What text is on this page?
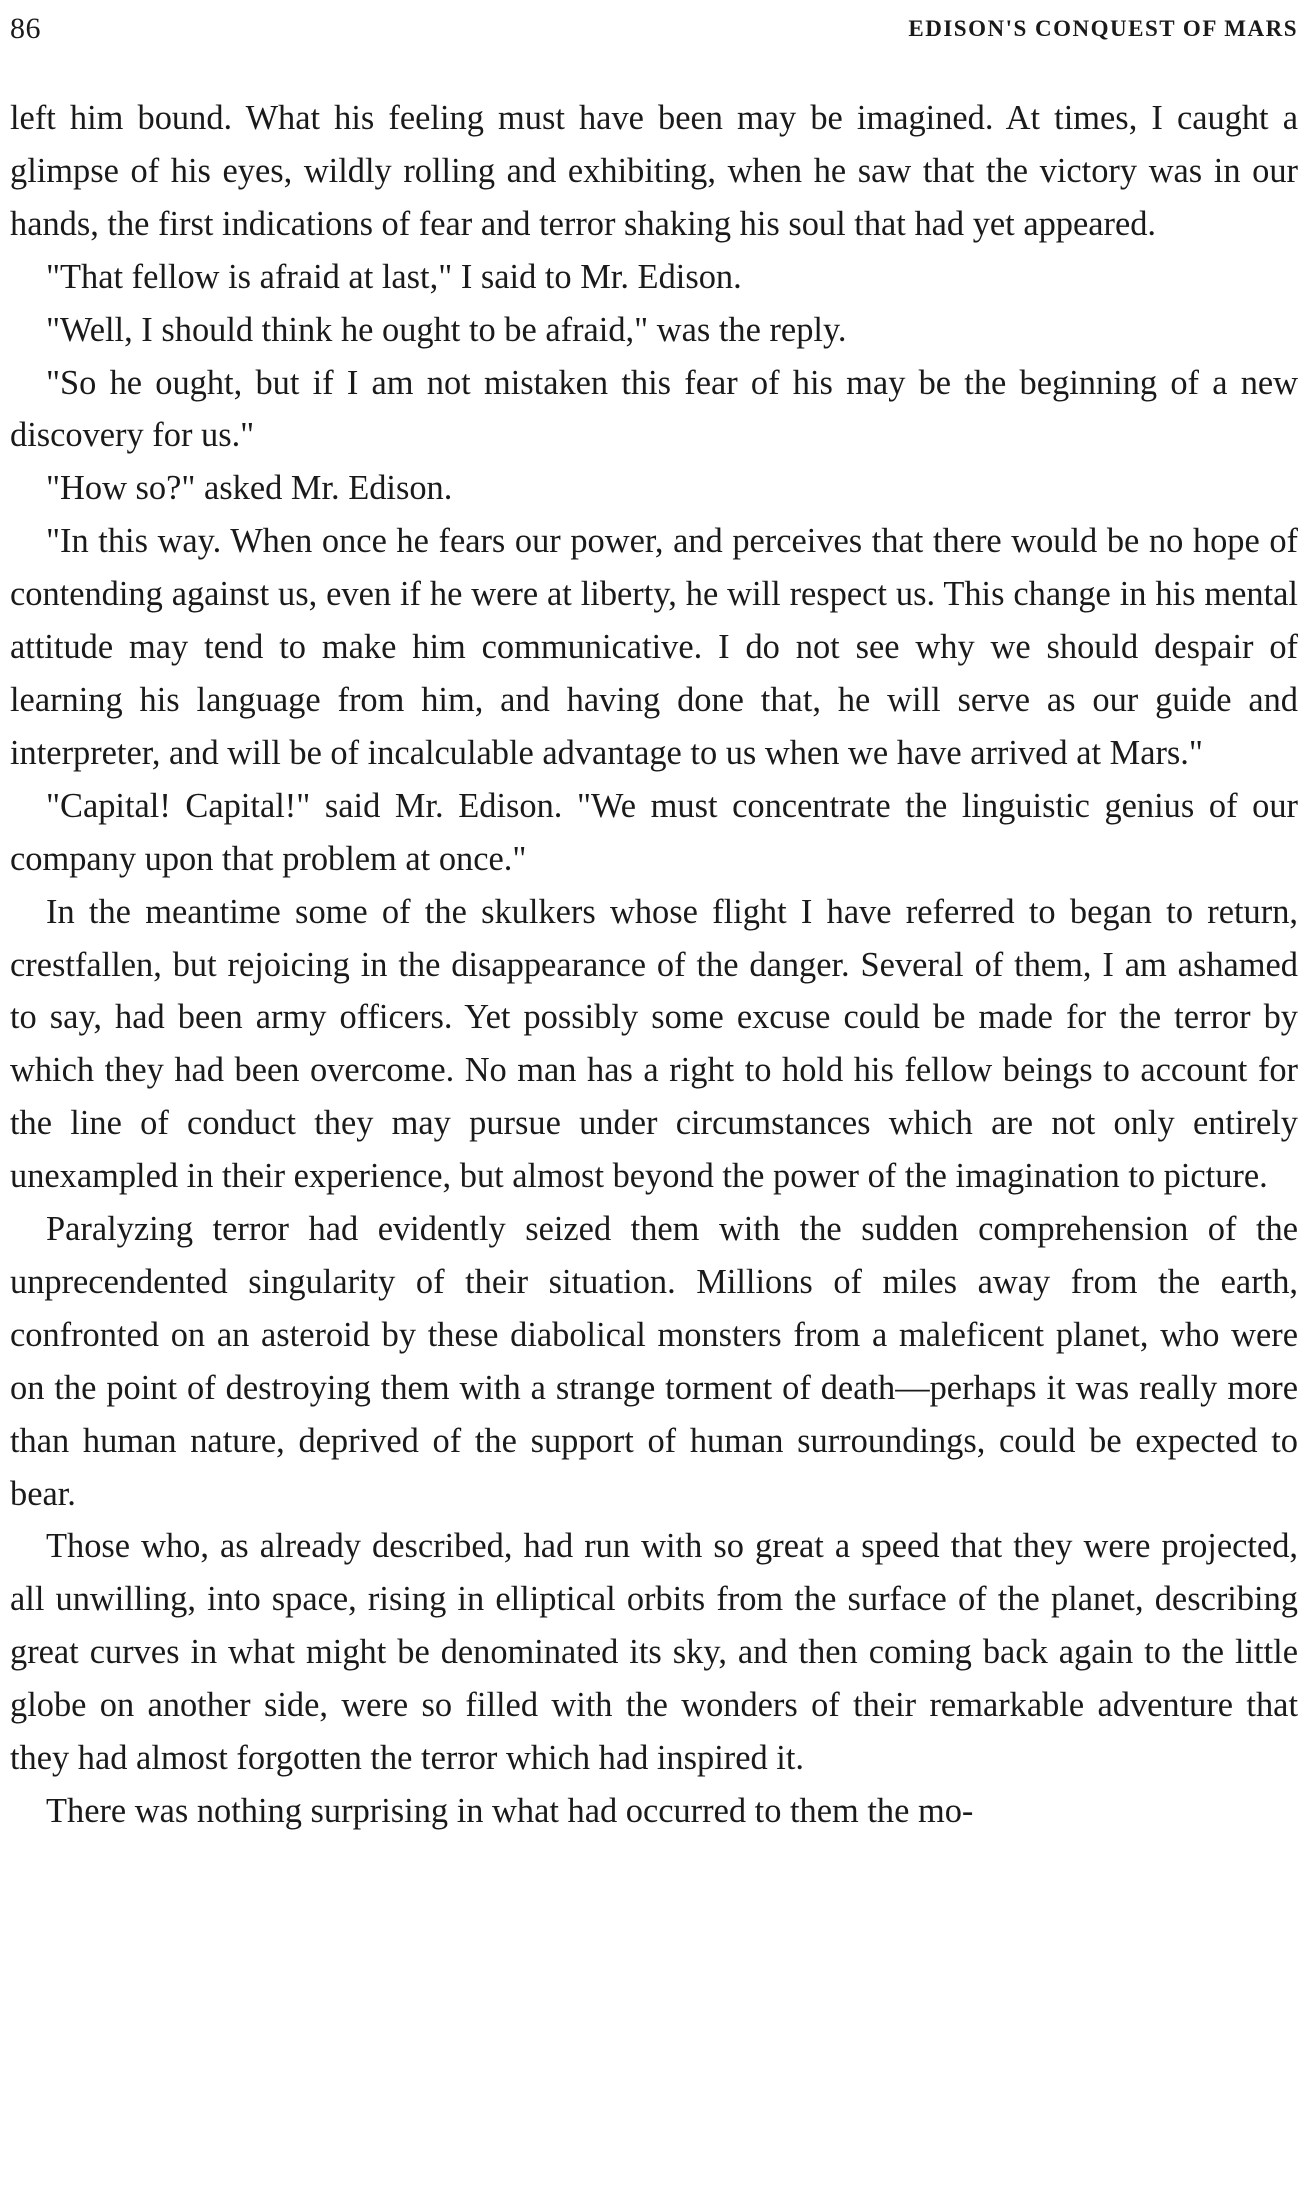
86	EDISON'S CONQUEST OF MARS

left him bound. What his feeling must have been may be imagined. At times, I caught a glimpse of his eyes, wildly rolling and exhibiting, when he saw that the victory was in our hands, the first indications of fear and terror shaking his soul that had yet appeared.

"That fellow is afraid at last," I said to Mr. Edison.

"Well, I should think he ought to be afraid," was the reply.

"So he ought, but if I am not mistaken this fear of his may be the beginning of a new discovery for us."

"How so?" asked Mr. Edison.

"In this way. When once he fears our power, and perceives that there would be no hope of contending against us, even if he were at liberty, he will respect us. This change in his mental attitude may tend to make him communicative. I do not see why we should despair of learning his language from him, and having done that, he will serve as our guide and interpreter, and will be of incalculable advantage to us when we have arrived at Mars."

"Capital! Capital!" said Mr. Edison. "We must concentrate the linguistic genius of our company upon that problem at once."

In the meantime some of the skulkers whose flight I have referred to began to return, crestfallen, but rejoicing in the disappearance of the danger. Several of them, I am ashamed to say, had been army officers. Yet possibly some excuse could be made for the terror by which they had been overcome. No man has a right to hold his fellow beings to account for the line of conduct they may pursue under circumstances which are not only entirely unexampled in their experience, but almost beyond the power of the imagination to picture.

Paralyzing terror had evidently seized them with the sudden comprehension of the unprecendented singularity of their situation. Millions of miles away from the earth, confronted on an asteroid by these diabolical monsters from a maleficent planet, who were on the point of destroying them with a strange torment of death—perhaps it was really more than human nature, deprived of the support of human surroundings, could be expected to bear.

Those who, as already described, had run with so great a speed that they were projected, all unwilling, into space, rising in elliptical orbits from the surface of the planet, describing great curves in what might be denominated its sky, and then coming back again to the little globe on another side, were so filled with the wonders of their remarkable adventure that they had almost forgotten the terror which had inspired it.

There was nothing surprising in what had occurred to them the mo-
